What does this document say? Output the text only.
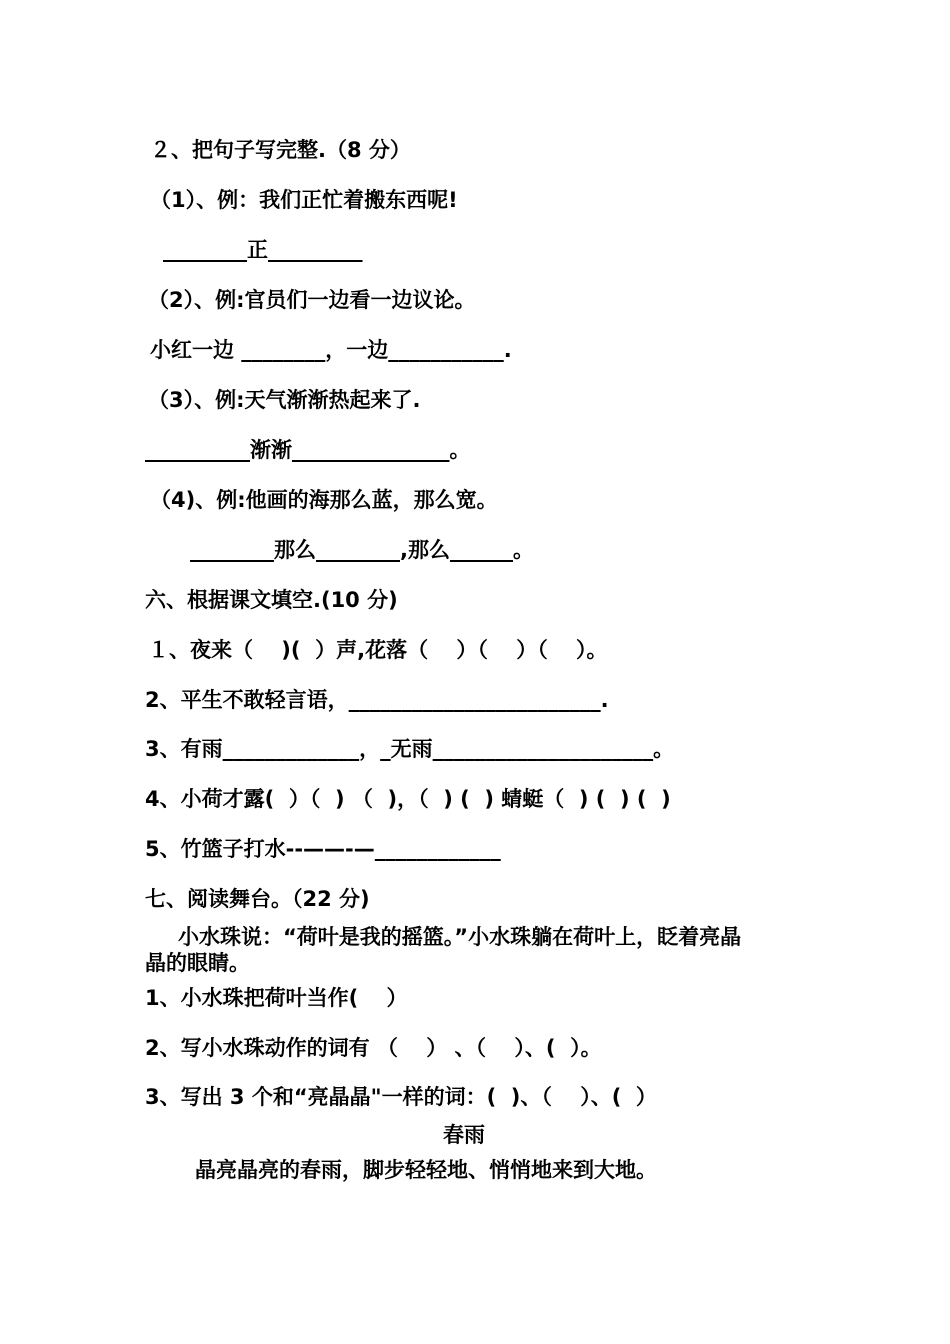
２、把句子写完整.（8 分）
（1）、例：我们正忙着搬东西呢!
________正_________
（2）、例:官员们一边看一边议论。
小红一边 ________，一边___________.
（3）、例:天气渐渐热起来了.
__________渐渐_______________。
（4)、例:他画的海那么蓝，那么宽。
________那么________,那么______。
六、根据课文填空.(10 分)
１、夜来（　 )(  ）声,花落（　 ）（　 ）（　 ）。
2、平生不敢轻言语，________________________.
3、有雨_____________，_无雨_____________________。
4、小荷才露(  ）（  ) （  )，（  ) (  ) 蜻蜓（  ) (  ) (  )
5、竹篮子打水--——-—____________
七、阅读舞台。（22 分)
小水珠说：“荷叶是我的摇篮。”小水珠躺在荷叶上，眨着亮晶
晶的眼睛。
1、小水珠把荷叶当作(　 ）
2、写小水珠动作的词有 （　 ） 、（　 ）、(  ）。
3、写出 3 个和“亮晶晶"一样的词：(  )、（　 ）、(  ）
春雨
晶亮晶亮的春雨，脚步轻轻地、悄悄地来到大地。
